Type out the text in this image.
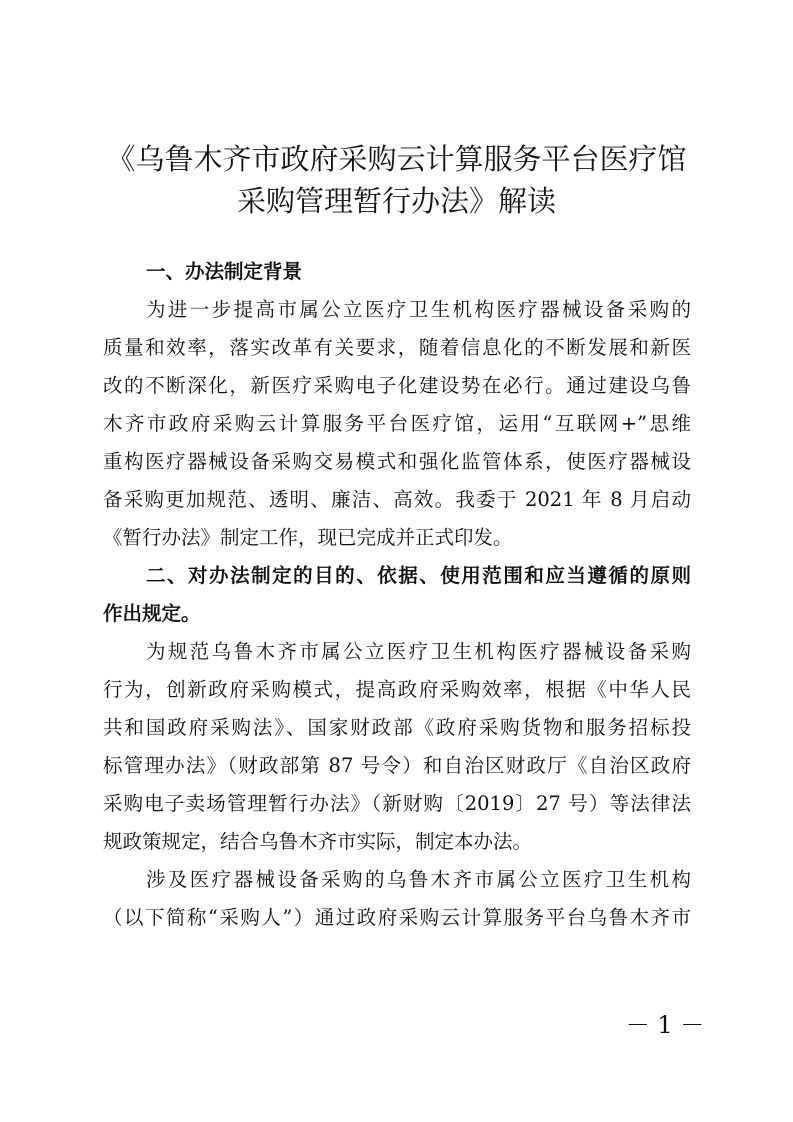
《乌鲁木齐市政府采购云计算服务平台医疗馆
采购管理暂行办法》解读
一、办法制定背景
为进一步提高市属公立医疗卫生机构医疗器械设备采购的
质量和效率，落实改革有关要求，随着信息化的不断发展和新医
改的不断深化，新医疗采购电子化建设势在必行。通过建设乌鲁
木齐市政府采购云计算服务平台医疗馆，运用“互联网+”思维
重构医疗器械设备采购交易模式和强化监管体系，使医疗器械设
备采购更加规范、透明、廉洁、高效。我委于 2021 年 8 月启动
《暂行办法》制定工作，现已完成并正式印发。
二、对办法制定的目的、依据、使用范围和应当遵循的原则
作出规定。
为规范乌鲁木齐市属公立医疗卫生机构医疗器械设备采购
行为，创新政府采购模式，提高政府采购效率，根据《中华人民
共和国政府采购法》、国家财政部《政府采购货物和服务招标投
标管理办法》（财政部第 87 号令）和自治区财政厅《自治区政府
采购电子卖场管理暂行办法》（新财购〔2019〕27 号）等法律法
规政策规定，结合乌鲁木齐市实际，制定本办法。
涉及医疗器械设备采购的乌鲁木齐市属公立医疗卫生机构
（以下简称“采购人”）通过政府采购云计算服务平台乌鲁木齐市
－ 1 －
